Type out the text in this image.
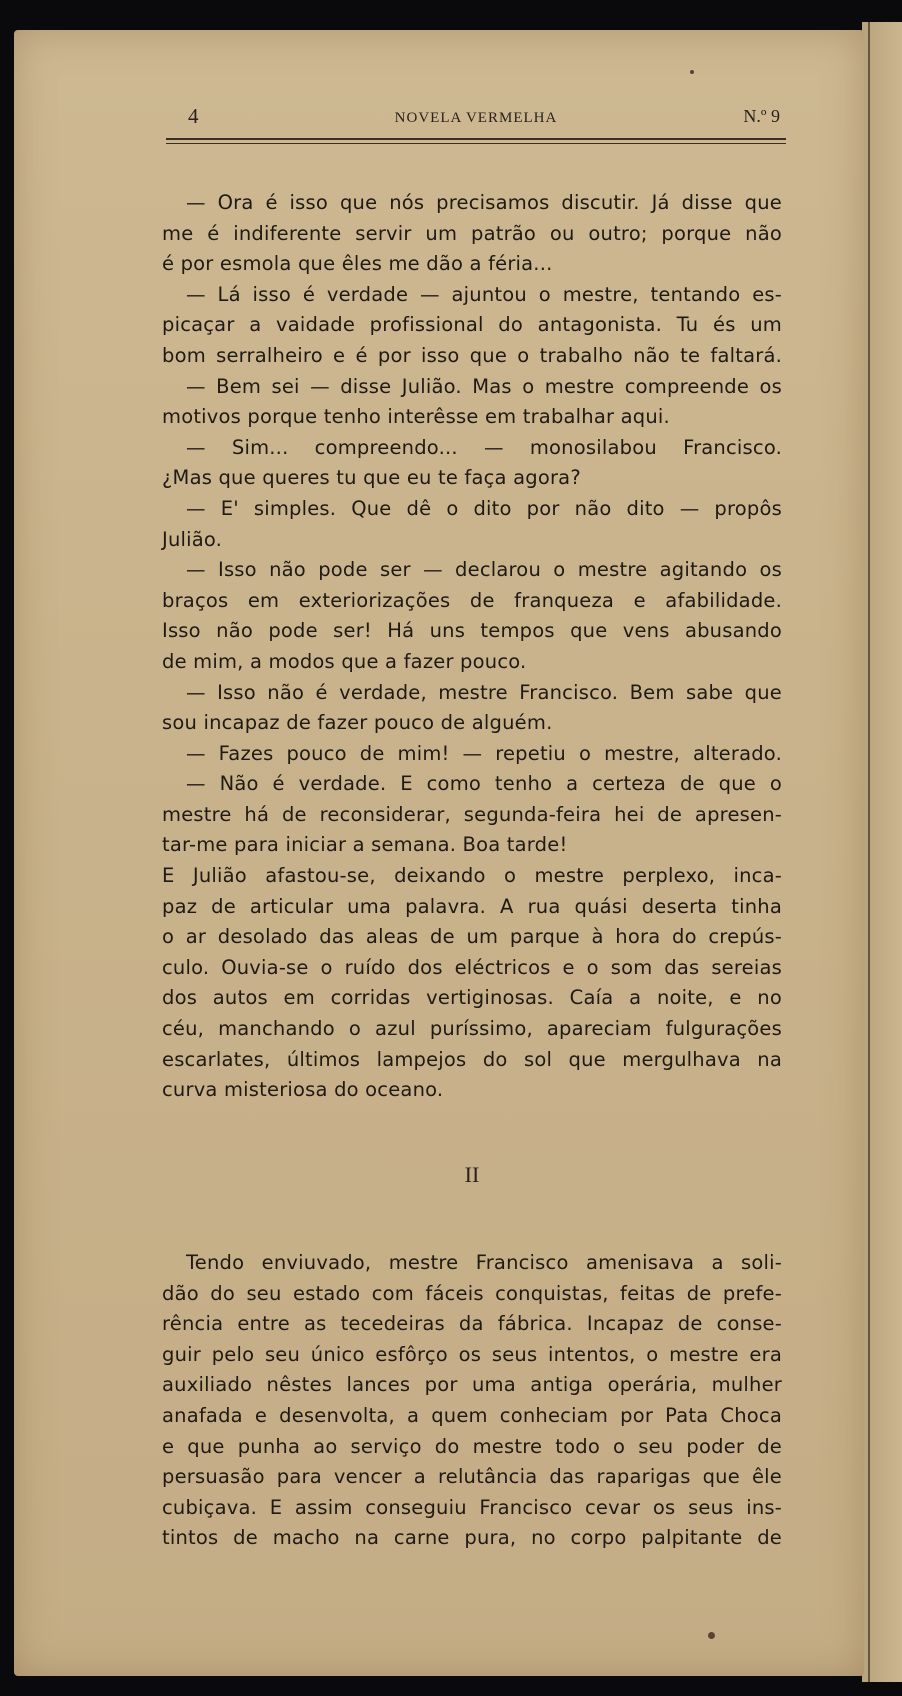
4	NOVELA VERMELHA	N.º 9
— Ora é isso que nós precisamos discutir. Já disse que
me é indiferente servir um patrão ou outro; porque não
é por esmola que êles me dão a féria...
— Lá isso é verdade — ajuntou o mestre, tentando es-
picaçar a vaidade profissional do antagonista. Tu és um
bom serralheiro e é por isso que o trabalho não te faltará.
— Bem sei — disse Julião. Mas o mestre compreende os
motivos porque tenho interêsse em trabalhar aqui.
— Sim... compreendo... — monosilabou Francisco.
¿Mas que queres tu que eu te faça agora?
— E' simples. Que dê o dito por não dito — propôs
Julião.
— Isso não pode ser — declarou o mestre agitando os
braços em exteriorizações de franqueza e afabilidade.
Isso não pode ser! Há uns tempos que vens abusando
de mim, a modos que a fazer pouco.
— Isso não é verdade, mestre Francisco. Bem sabe que
sou incapaz de fazer pouco de alguém.
— Fazes pouco de mim! — repetiu o mestre, alterado.
— Não é verdade. E como tenho a certeza de que o
mestre há de reconsiderar, segunda-feira hei de apresen-
tar-me para iniciar a semana. Boa tarde!
E Julião afastou-se, deixando o mestre perplexo, inca-
paz de articular uma palavra. A rua quási deserta tinha
o ar desolado das aleas de um parque à hora do crepús-
culo. Ouvia-se o ruído dos eléctricos e o som das sereias
dos autos em corridas vertiginosas. Caía a noite, e no
céu, manchando o azul puríssimo, apareciam fulgurações
escarlates, últimos lampejos do sol que mergulhava na
curva misteriosa do oceano.
II
Tendo enviuvado, mestre Francisco amenisava a soli-
dão do seu estado com fáceis conquistas, feitas de prefe-
rência entre as tecedeiras da fábrica. Incapaz de conse-
guir pelo seu único esfôrço os seus intentos, o mestre era
auxiliado nêstes lances por uma antiga operária, mulher
anafada e desenvolta, a quem conheciam por Pata Choca
e que punha ao serviço do mestre todo o seu poder de
persuasão para vencer a relutância das raparigas que êle
cubiçava. E assim conseguiu Francisco cevar os seus ins-
tintos de macho na carne pura, no corpo palpitante de
